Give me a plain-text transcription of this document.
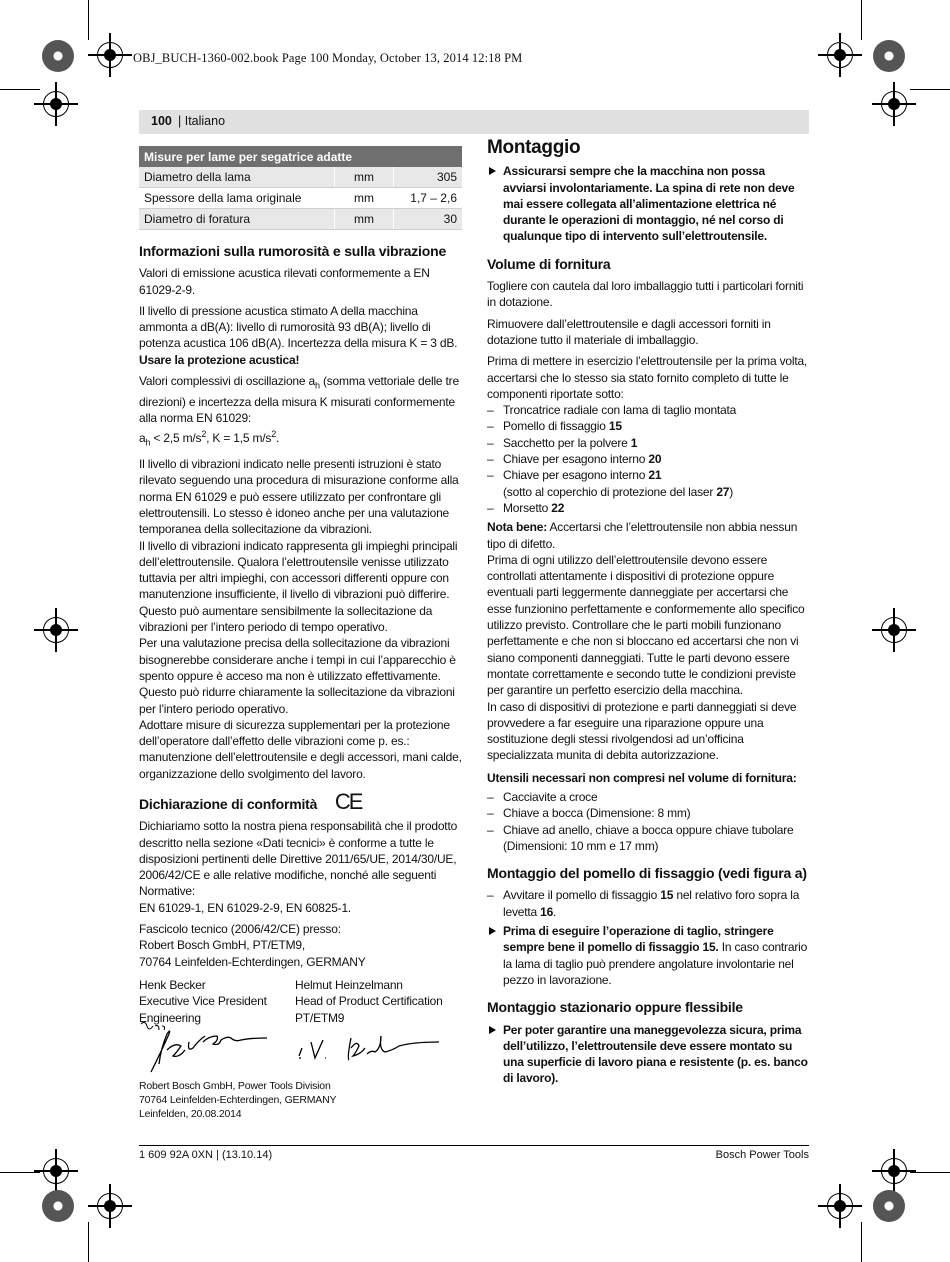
OBJ_BUCH-1360-002.book Page 100 Monday, October 13, 2014 12:18 PM
100 | Italiano
Misure per lame per segatrice adatte		
Diametro della lama	mm	305
Spessore della lama originale	mm	1,7 – 2,6
Diametro di foratura	mm	30
Informazioni sulla rumorosità e sulla vibrazione

Valori di emissione acustica rilevati conformemente a EN 61029-2-9.

Il livello di pressione acustica stimato A della macchina ammonta a dB(A): livello di rumorosità 93 dB(A); livello di potenza acustica 106 dB(A). Incertezza della misura K = 3 dB.

Usare la protezione acustica!

Valori complessivi di oscillazione $a_h$ (somma vettoriale delle tre direzioni) e incertezza della misura K misurati conformemente alla norma EN 61029:

$a_h < 2,5$ $m/s^2$, K = 1,5 $m/s^2$.

Il livello di vibrazioni indicato nelle presenti istruzioni è stato rilevato seguendo una procedura di misurazione conforme alla norma EN 61029 e può essere utilizzato per confrontare gli elettroutensili. Lo stesso è idoneo anche per una valutazione temporanea della sollecitazione da vibrazioni.

Il livello di vibrazioni indicato rappresenta gli impieghi principali dell’elettroutensile. Qualora l’elettroutensile venisse utilizzato tuttavia per altri impieghi, con accessori differenti oppure con manutenzione insufficiente, il livello di vibrazioni può differire. Questo può aumentare sensibilmente la sollecitazione da vibrazioni per l’intero periodo di tempo operativo.

Per una valutazione precisa della sollecitazione da vibrazioni bisognerebbe considerare anche i tempi in cui l’apparecchio è spento oppure è acceso ma non è utilizzato effettivamente. Questo può ridurre chiaramente la sollecitazione da vibrazioni per l’intero periodo operativo.

Adottare misure di sicurezza supplementari per la protezione dell’operatore dall’effetto delle vibrazioni come p. es.: manutenzione dell’elettroutensile e degli accessori, mani calde, organizzazione dello svolgimento del lavoro.

Dichiarazione di conformità CE

Dichiariamo sotto la nostra piena responsabilità che il prodotto descritto nella sezione «Dati tecnici» è conforme a tutte le disposizioni pertinenti delle Direttive 2011/65/UE, 2014/30/UE, 2006/42/CE e alle relative modifiche, nonché alle seguenti Normative:

EN 61029-1, EN 61029-2-9, EN 60825-1.

Fascicolo tecnico (2006/42/CE) presso:

Robert Bosch GmbH, PT/ETM9,

70764 Leinfelden-Echterdingen, GERMANY

Henk Becker
Executive Vice President
Engineering
Helmut Heinzelmann
Head of Product Certification
PT/ETM9
Robert Bosch GmbH, Power Tools Division
70764 Leinfelden-Echterdingen, GERMANY
Leinfelden, 20.08.2014
Montaggio

Assicurarsi sempre che la macchina non possa avviarsi involontariamente. La spina di rete non deve mai essere collegata all’alimentazione elettrica né durante le operazioni di montaggio, né nel corso di qualunque tipo di intervento sull’elettroutensile.

Volume di fornitura

Togliere con cautela dal loro imballaggio tutti i particolari forniti in dotazione.

Rimuovere dall’elettroutensile e dagli accessori forniti in dotazione tutto il materiale di imballaggio.

Prima di mettere in esercizio l’elettroutensile per la prima volta, accertarsi che lo stesso sia stato fornito completo di tutte le componenti riportate sotto:

– Troncatrice radiale con lama di taglio montata
– Pomello di fissaggio 15
– Sacchetto per la polvere 1
– Chiave per esagono interno 20
– Chiave per esagono interno 21
(sotto al coperchio di protezione del laser 27)
– Morsetto 22

Nota bene: Accertarsi che l’elettroutensile non abbia nessun tipo di difetto.

Prima di ogni utilizzo dell’elettroutensile devono essere controllati attentamente i dispositivi di protezione oppure eventuali parti leggermente danneggiate per accertarsi che esse funzionino perfettamente e conformemente allo specifico utilizzo previsto. Controllare che le parti mobili funzionano perfettamente e che non si bloccano ed accertarsi che non vi siano componenti danneggiati. Tutte le parti devono essere montate correttamente e secondo tutte le condizioni previste per garantire un perfetto esercizio della macchina.

In caso di dispositivi di protezione e parti danneggiati si deve provvedere a far eseguire una riparazione oppure una sostituzione degli stessi rivolgendosi ad un’officina specializzata munita di debita autorizzazione.

Utensili necessari non compresi nel volume di fornitura:

– Cacciavite a croce
– Chiave a bocca (Dimensione: 8 mm)
– Chiave ad anello, chiave a bocca oppure chiave tubolare (Dimensioni: 10 mm e 17 mm)
Montaggio del pomello di fissaggio (vedi figura a)
– Avvitare il pomello di fissaggio 15 nel relativo foro sopra la levetta 16.

Prima di eseguire l’operazione di taglio, stringere sempre bene il pomello di fissaggio 15. In caso contrario la lama di taglio può prendere angolature involontarie nel pezzo in lavorazione.

Montaggio stazionario oppure flessibile

Per poter garantire una maneggevolezza sicura, prima dell’utilizzo, l’elettroutensile deve essere montato su una superficie di lavoro piana e resistente (p. es. banco di lavoro).

1 609 92A 0XN | (13.10.14)	Bosch Power Tools
